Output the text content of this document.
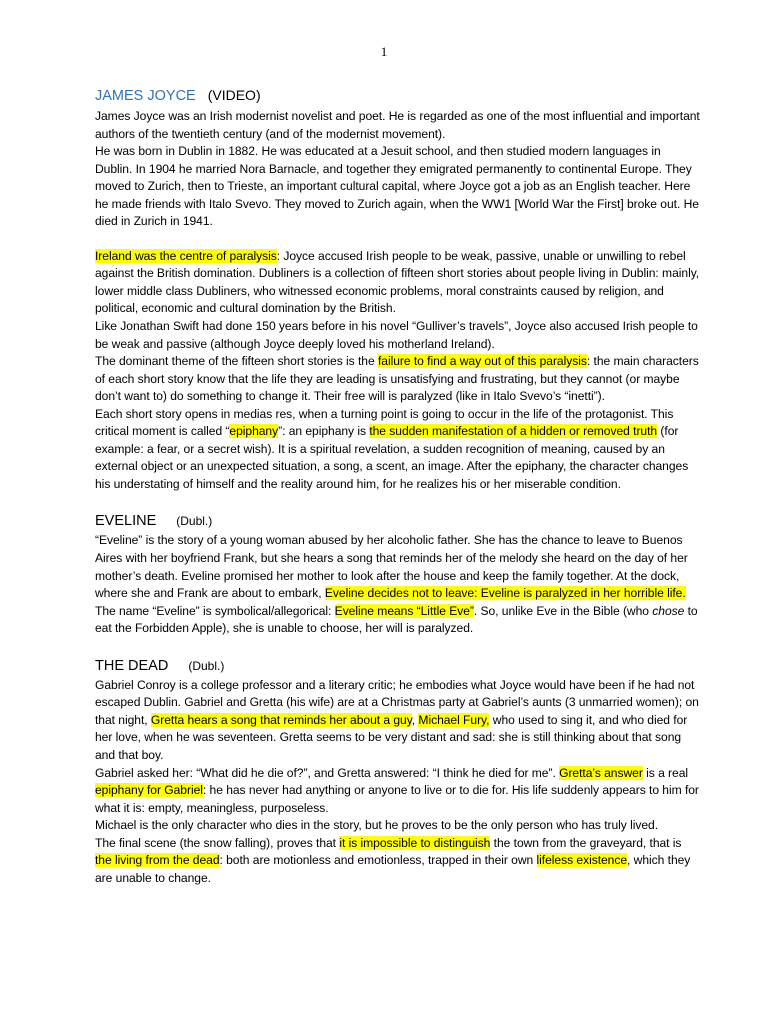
1
JAMES JOYCE (VIDEO)

James Joyce was an Irish modernist novelist and poet. He is regarded as one of the most influential and important authors of the twentieth century (and of the modernist movement).

He was born in Dublin in 1882. He was educated at a Jesuit school, and then studied modern languages in Dublin. In 1904 he married Nora Barnacle, and together they emigrated permanently to continental Europe. They moved to Zurich, then to Trieste, an important cultural capital, where Joyce got a job as an English teacher. Here he made friends with Italo Svevo. They moved to Zurich again, when the WW1 [World War the First] broke out. He died in Zurich in 1941.

Ireland was the centre of paralysis: Joyce accused Irish people to be weak, passive, unable or unwilling to rebel against the British domination. Dubliners is a collection of fifteen short stories about people living in Dublin: mainly, lower middle class Dubliners, who witnessed economic problems, moral constraints caused by religion, and political, economic and cultural domination by the British.

Like Jonathan Swift had done 150 years before in his novel “Gulliver’s travels”, Joyce also accused Irish people to be weak and passive (although Joyce deeply loved his motherland Ireland).

The dominant theme of the fifteen short stories is the failure to find a way out of this paralysis: the main characters of each short story know that the life they are leading is unsatisfying and frustrating, but they cannot (or maybe don’t want to) do something to change it. Their free will is paralyzed (like in Italo Svevo’s “inetti”).

Each short story opens in medias res, when a turning point is going to occur in the life of the protagonist. This critical moment is called “epiphany”: an epiphany is the sudden manifestation of a hidden or removed truth (for example: a fear, or a secret wish). It is a spiritual revelation, a sudden recognition of meaning, caused by an external object or an unexpected situation, a song, a scent, an image. After the epiphany, the character changes his understating of himself and the reality around him, for he realizes his or her miserable condition.

EVELINE (Dubl.)

“Eveline” is the story of a young woman abused by her alcoholic father. She has the chance to leave to Buenos Aires with her boyfriend Frank, but she hears a song that reminds her of the melody she heard on the day of her mother’s death. Eveline promised her mother to look after the house and keep the family together. At the dock, where she and Frank are about to embark, Eveline decides not to leave: Eveline is paralyzed in her horrible life. The name “Eveline” is symbolical/allegorical: Eveline means “Little Eve”. So, unlike Eve in the Bible (who chose to eat the Forbidden Apple), she is unable to choose, her will is paralyzed.

THE DEAD (Dubl.)

Gabriel Conroy is a college professor and a literary critic; he embodies what Joyce would have been if he had not escaped Dublin. Gabriel and Gretta (his wife) are at a Christmas party at Gabriel’s aunts (3 unmarried women); on that night, Gretta hears a song that reminds her about a guy, Michael Fury, who used to sing it, and who died for her love, when he was seventeen. Gretta seems to be very distant and sad: she is still thinking about that song and that boy.

Gabriel asked her: “What did he die of?”, and Gretta answered: “I think he died for me”. Gretta’s answer is a real epiphany for Gabriel: he has never had anything or anyone to live or to die for. His life suddenly appears to him for what it is: empty, meaningless, purposeless.

Michael is the only character who dies in the story, but he proves to be the only person who has truly lived.

The final scene (the snow falling), proves that it is impossible to distinguish the town from the graveyard, that is the living from the dead: both are motionless and emotionless, trapped in their own lifeless existence, which they are unable to change.
